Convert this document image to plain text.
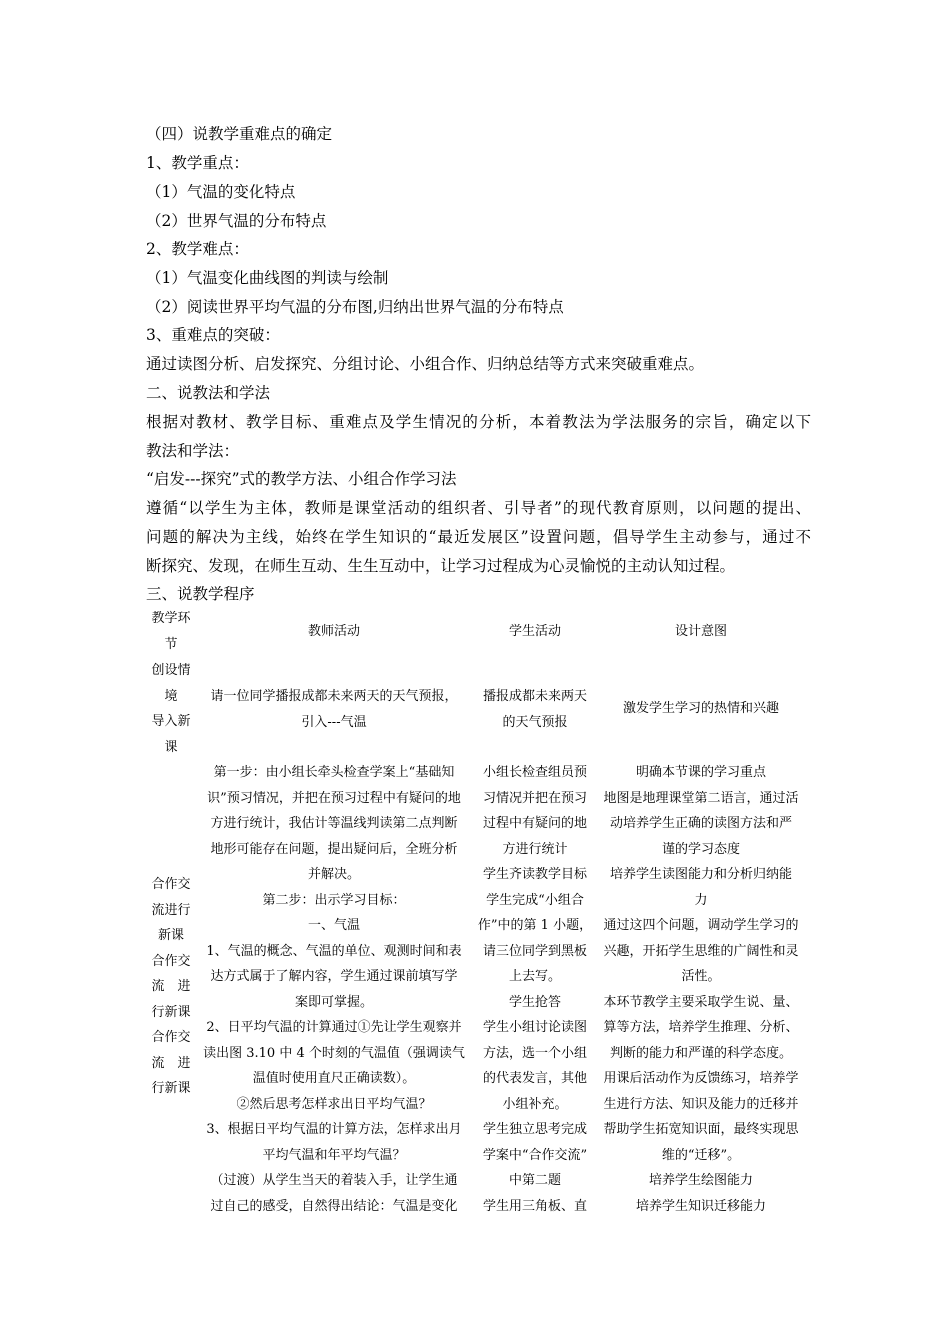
（四）说教学重难点的确定
1、教学重点：
（1）气温的变化特点
（2）世界气温的分布特点
2、教学难点：
（1）气温变化曲线图的判读与绘制
（2）阅读世界平均气温的分布图,归纳出世界气温的分布特点
3、重难点的突破：
通过读图分析、启发探究、分组讨论、小组合作、归纳总结等方式来突破重难点。
二、说教法和学法
根据对教材、教学目标、重难点及学生情况的分析，本着教法为学法服务的宗旨，确定以下
教法和学法：
“启发---探究”式的教学方法、小组合作学习法
遵循“以学生为主体，教师是课堂活动的组织者、引导者”的现代教育原则，以问题的提出、
问题的解决为主线，始终在学生知识的“最近发展区”设置问题，倡导学生主动参与，通过不
断探究、发现，在师生互动、生生互动中，让学习过程成为心灵愉悦的主动认知过程。
三、说教学程序
教学环
节
教师活动	学生活动	设计意图
创设情
境
导入新
课
请一位同学播报成都未来两天的天气预报，
引入---气温
播报成都未来两天
的天气预报
激发学生学习的热情和兴趣
合作交
流进行
新课
合作交
流　进
行新课
合作交
流　进
行新课
第一步：由小组长牵头检查学案上“基础知
识”预习情况，并把在预习过程中有疑问的地
方进行统计，我估计等温线判读第二点判断
地形可能存在问题，提出疑问后，全班分析
并解决。
第二步：出示学习目标：
一、气温
1、气温的概念、气温的单位、观测时间和表
达方式属于了解内容，学生通过课前填写学
案即可掌握。
2、日平均气温的计算通过①先让学生观察并
读出图 3.10 中 4 个时刻的气温值（强调读气
温值时使用直尺正确读数）。
②然后思考怎样求出日平均气温？
3、根据日平均气温的计算方法，怎样求出月
平均气温和年平均气温？
（过渡）从学生当天的着装入手，让学生通
过自己的感受，自然得出结论：气温是变化
小组长检查组员预
习情况并把在预习
过程中有疑问的地
方进行统计
学生齐读教学目标
学生完成“小组合
作”中的第 1 小题，
请三位同学到黑板
上去写。
学生抢答
学生小组讨论读图
方法，选一个小组
的代表发言，其他
小组补充。
学生独立思考完成
学案中“合作交流”
中第二题
学生用三角板、直
明确本节课的学习重点
地图是地理课堂第二语言，通过活
动培养学生正确的读图方法和严
谨的学习态度
培养学生读图能力和分析归纳能
力
通过这四个问题，调动学生学习的
兴趣，开拓学生思维的广阔性和灵
活性。
本环节教学主要采取学生说、量、
算等方法，培养学生推理、分析、
判断的能力和严谨的科学态度。
用课后活动作为反馈练习，培养学
生进行方法、知识及能力的迁移并
帮助学生拓宽知识面，最终实现思
维的“迁移”。
培养学生绘图能力
培养学生知识迁移能力
